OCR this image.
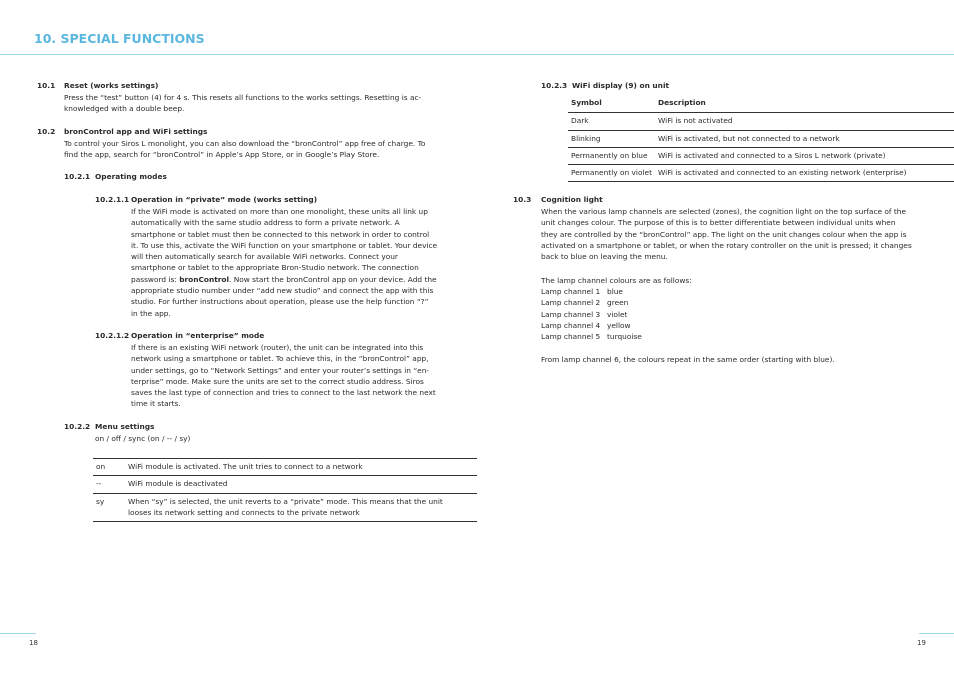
10. SPECIAL FUNCTIONS
10.1 Reset (works settings)
Press the “test” button (4) for 4 s. This resets all functions to the works settings. Resetting is ac-
knowledged with a double beep.
10.2 bronControl app and WiFi settings
To control your Siros L monolight, you can also download the “bronControl” app free of charge. To
find the app, search for “bronControl” in Apple’s App Store, or in Google’s Play Store.
10.2.1 Operating modes
10.2.1.1 Operation in “private” mode (works setting)
If the WiFi mode is activated on more than one monolight, these units all link up
automatically with the same studio address to form a private network. A
smartphone or tablet must then be connected to this network in order to control
it. To use this, activate the WiFi function on your smartphone or tablet. Your device
will then automatically search for available WiFi networks. Connect your
smartphone or tablet to the appropriate Bron-Studio network. The connection
password is: bronControl. Now start the bronControl app on your device. Add the
appropriate studio number under “add new studio” and connect the app with this
studio. For further instructions about operation, please use the help function “?”
in the app.
10.2.1.2 Operation in “enterprise” mode
If there is an existing WiFi network (router), the unit can be integrated into this
network using a smartphone or tablet. To achieve this, in the “bronControl” app,
under settings, go to “Network Settings” and enter your router’s settings in “en-
terprise” mode. Make sure the units are set to the correct studio address. Siros
saves the last type of connection and tries to connect to the last network the next
time it starts.
10.2.2 Menu settings
on / off / sync (on / -- / sy)
on	WiFi module is activated. The unit tries to connect to a network

--	WiFi module is deactivated

sy	When “sy” is selected, the unit reverts to a “private” mode. This means that the unit
looses its network setting and connects to the private network
18
10.2.3 WiFi display (9) on unit
Symbol	Description
Dark	WiFi is not activated
Blinking	WiFi is activated, but not connected to a network
Permanently on blue	WiFi is activated and connected to a Siros L network (private)
Permanently on violet	WiFi is activated and connected to an existing network (enterprise)
10.3 Cognition light
When the various lamp channels are selected (zones), the cognition light on the top surface of the
unit changes colour. The purpose of this is to better differentiate between individual units when
they are controlled by the “bronControl” app. The light on the unit changes colour when the app is
activated on a smartphone or tablet, or when the rotary controller on the unit is pressed; it changes
back to blue on leaving the menu.
The lamp channel colours are as follows:
Lamp channel 1 blue
Lamp channel 2 green
Lamp channel 3 violet
Lamp channel 4 yellow
Lamp channel 5 turquoise
From lamp channel 6, the colours repeat in the same order (starting with blue).
19
